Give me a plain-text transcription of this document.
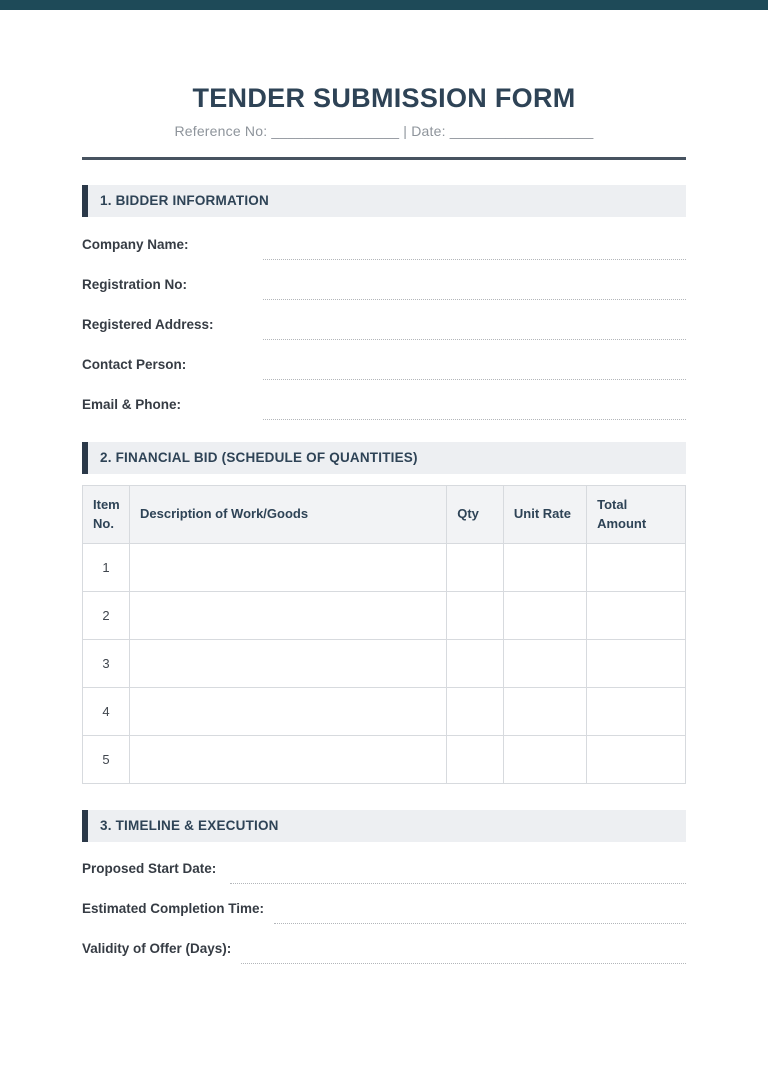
TENDER SUBMISSION FORM

Reference No: ________________ | Date: __________________

1. BIDDER INFORMATION
Company Name:
Registration No:
Registered Address:
Contact Person:
Email & Phone:
2. FINANCIAL BID (SCHEDULE OF QUANTITIES)
Item No.	Description of Work/Goods	Qty	Unit Rate	Total Amount
1				
2				
3				
4				
5				
3. TIMELINE & EXECUTION
Proposed Start Date:
Estimated Completion Time:
Validity of Offer (Days):
